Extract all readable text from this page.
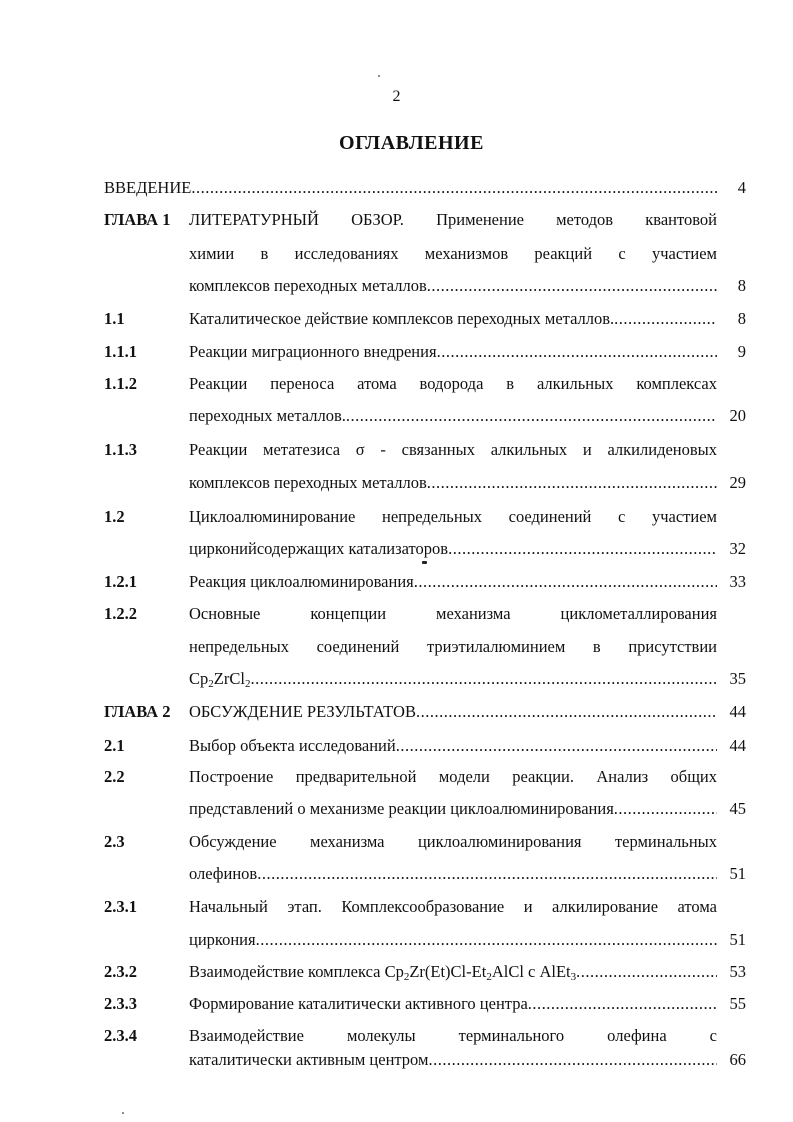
2
ОГЛАВЛЕНИЕ
ВВЕДЕНИЕ .....	4
ГЛАВА 1 ЛИТЕРАТУРНЫЙ ОБЗОР. Применение методов квантовой
химии в исследованиях механизмов реакций с участием
комплексов переходных металлов .....	8
1.1	Каталитическое действие комплексов переходных металлов. .....	8
1.1.1	Реакции миграционного внедрения .....	9
1.1.2	Реакции переноса атома водорода в алкильных комплексах
переходных металлов. .....	20
1.1.3	Реакции метатезиса σ - связанных алкильных и алкилиденовых
комплексов переходных металлов .....	29
1.2	Циклоалюминирование непредельных соединений с участием
цирконийсодержащих катализаторов .....	32
1.2.1	Реакция циклоалюминирования .....	33
1.2.2	Основные концепции механизма циклометаллирования
непредельных соединений триэтилалюминием в присутствии
$Cp_2ZrCl_2$ .....	35
ГЛАВА 2 ОБСУЖДЕНИЕ РЕЗУЛЬТАТОВ .....	44
2.1	Выбор объекта исследований .....	44
2.2	Построение предварительной модели реакции. Анализ общих
представлений о механизме реакции циклоалюминирования .....	45
2.3	Обсуждение механизма циклоалюминирования терминальных
олефинов .....	51
2.3.1	Начальный этап. Комплексообразование и алкилирование атома
циркония .....	51
2.3.2	Взаимодействие комплекса $Cp_2Zr(Et)Cl-Et_2AlCl$ с AlEt$_3$ .....	53
2.3.3	Формирование каталитически активного центра .....	55
2.3.4	Взаимодействие молекулы терминального олефина с
каталитически активным центром .....	66
